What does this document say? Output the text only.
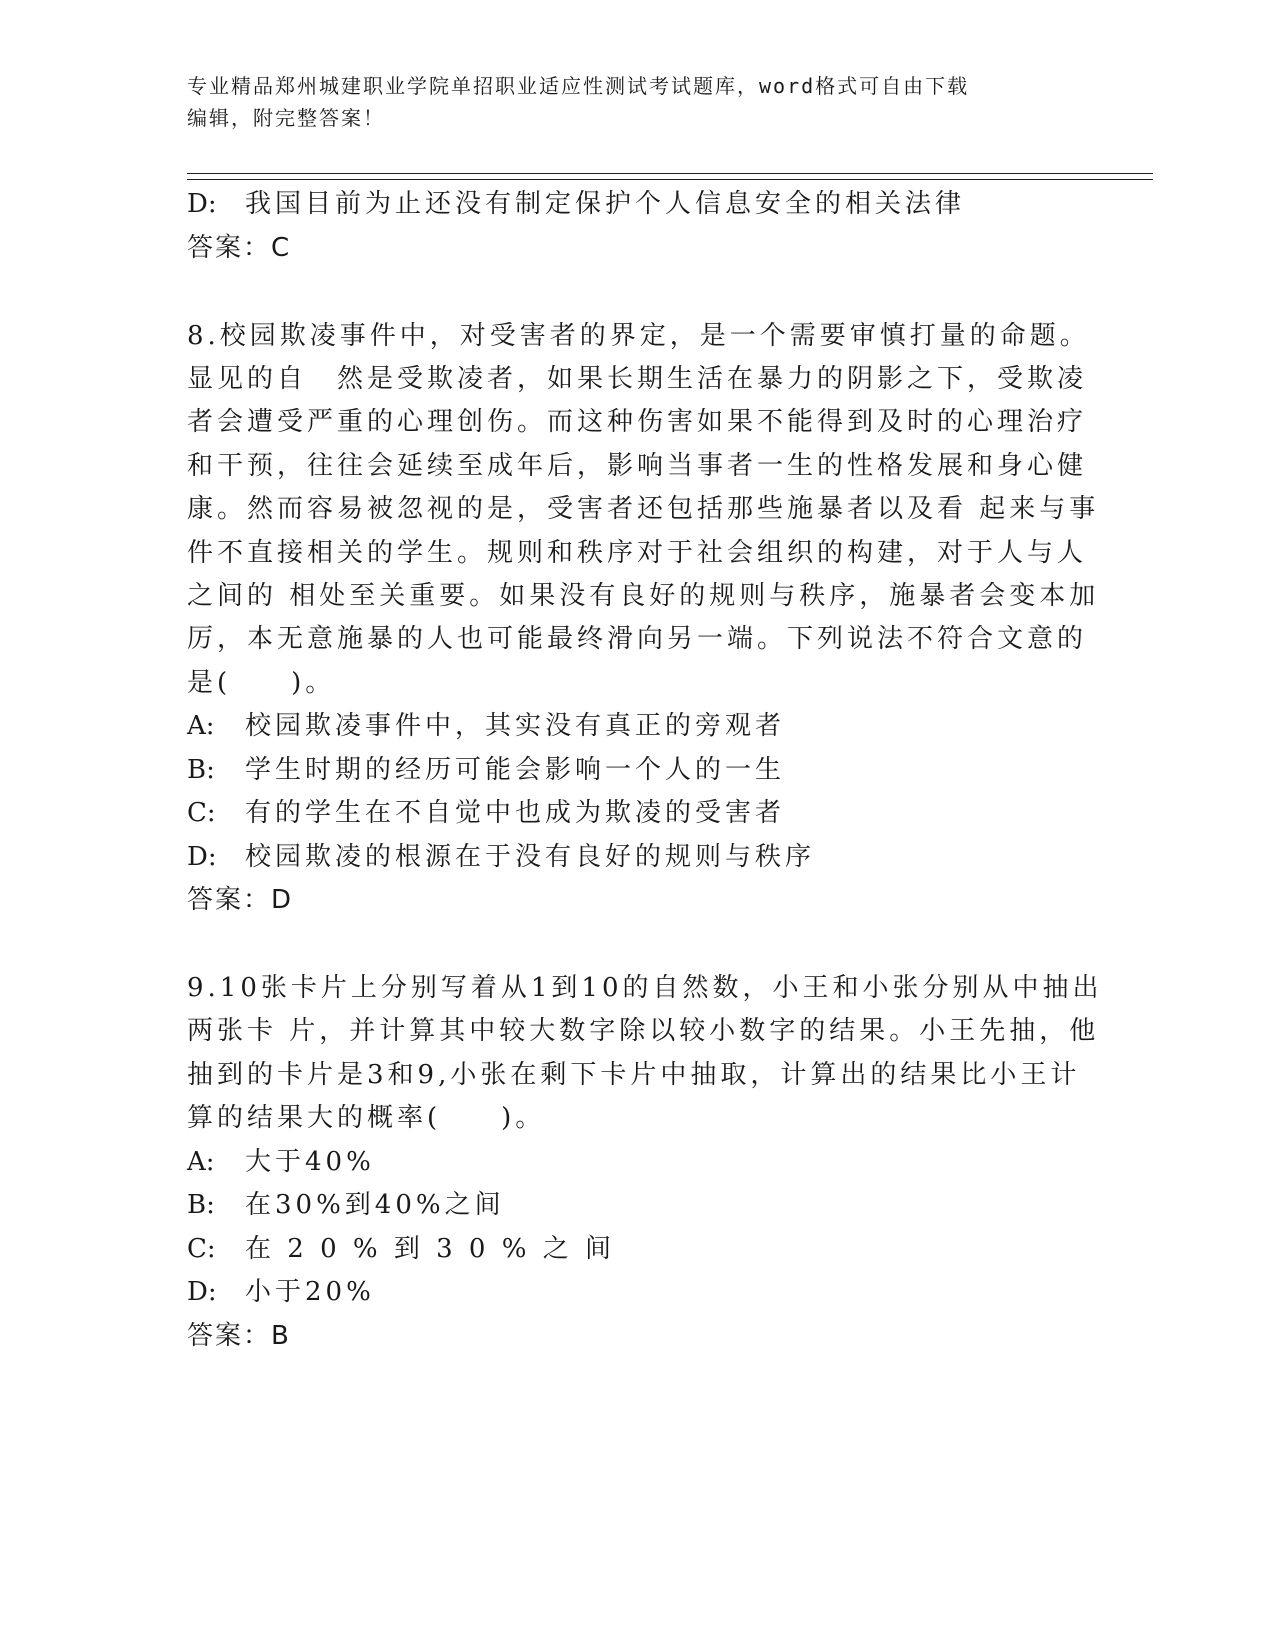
专业精品郑州城建职业学院单招职业适应性测试考试题库，word格式可自由下载
编辑，附完整答案！
D: 我国目前为止还没有制定保护个人信息安全的相关法律
答案：C
8.校园欺凌事件中，对受害者的界定，是一个需要审慎打量的命题。
显见的自　然是受欺凌者，如果长期生活在暴力的阴影之下，受欺凌
者会遭受严重的心理创伤。而这种伤害如果不能得到及时的心理治疗
和干预，往往会延续至成年后，影响当事者一生的性格发展和身心健
康。然而容易被忽视的是，受害者还包括那些施暴者以及看 起来与事
件不直接相关的学生。规则和秩序对于社会组织的构建，对于人与人
之间的 相处至关重要。如果没有良好的规则与秩序，施暴者会变本加
厉，本无意施暴的人也可能最终滑向另一端。下列说法不符合文意的
是(　　)。
A: 校园欺凌事件中，其实没有真正的旁观者
B: 学生时期的经历可能会影响一个人的一生
C: 有的学生在不自觉中也成为欺凌的受害者
D: 校园欺凌的根源在于没有良好的规则与秩序
答案：D
9.10张卡片上分别写着从1到10的自然数，小王和小张分别从中抽出
两张卡 片，并计算其中较大数字除以较小数字的结果。小王先抽，他
抽到的卡片是3和9,小张在剩下卡片中抽取，计算出的结果比小王计
算的结果大的概率(　　)。
A: 大于40%
B: 在30%到40%之间
C: 在 2 0 % 到 3 0 % 之 间
D: 小于20%
答案：B
